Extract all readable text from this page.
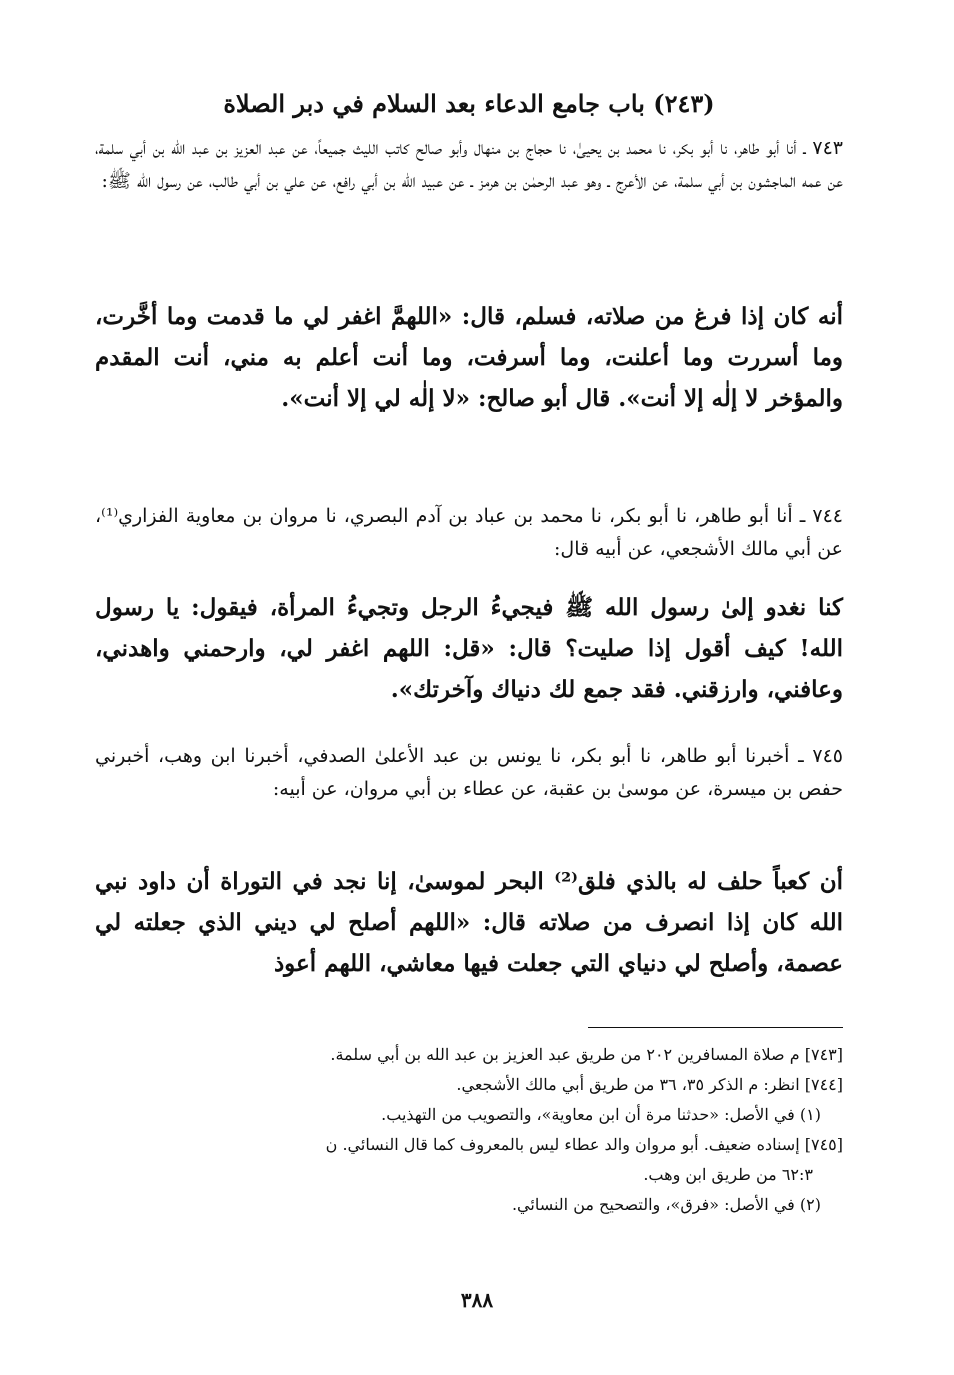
(٢٤٣) باب جامع الدعاء بعد السلام في دبر الصلاة
٧٤٣ ـ أنا أبو طاهر، نا أبو بكر، نا محمد بن يحيىٰ، نا حجاج بن منهال وأبو صالح كاتب الليث جميعاً، عن عبد العزيز بن عبد الله بن أبي سلمة، عن عمه الماجشون بن أبي سلمة، عن الأعرج ـ وهو عبد الرحمٰن بن هرمز ـ عن عبيد الله بن أبي رافع، عن علي بن أبي طالب، عن رسول الله ﷺ:
أنه كان إذا فرغ من صلاته، فسلم، قال: «اللهمَّ اغفر لي ما قدمت وما أخَّرت، وما أسررت وما أعلنت، وما أسرفت، وما أنت أعلم به مني، أنت المقدم والمؤخر لا إلٰه إلا أنت». قال أبو صالح: «لا إلٰه لي إلا أنت».
٧٤٤ ـ أنا أبو طاهر، نا أبو بكر، نا محمد بن عباد بن آدم البصري، نا مروان بن معاوية الفزاري⁽¹⁾، عن أبي مالك الأشجعي، عن أبيه قال:
كنا نغدو إلىٰ رسول الله ﷺ فيجيءُ الرجل وتجيءُ المرأة، فيقول: يا رسول الله! كيف أقول إذا صليت؟ قال: «قل: اللهم اغفر لي، وارحمني واهدني، وعافني، وارزقني. فقد جمع لك دنياك وآخرتك».
٧٤٥ ـ أخبرنا أبو طاهر، نا أبو بكر، نا يونس بن عبد الأعلىٰ الصدفي، أخبرنا ابن وهب، أخبرني حفص بن ميسرة، عن موسىٰ بن عقبة، عن عطاء بن أبي مروان، عن أبيه:
أن كعباً حلف له بالذي فلق⁽²⁾ البحر لموسىٰ، إنا نجد في التوراة أن داود نبي الله كان إذا انصرف من صلاته قال: «اللهم أصلح لي ديني الذي جعلته لي عصمة، وأصلح لي دنياي التي جعلت فيها معاشي، اللهم أعوذ
[٧٤٣] م صلاة المسافرين ٢٠٢ من طريق عبد العزيز بن عبد الله بن أبي سلمة.
[٧٤٤] انظر: م الذكر ٣٥، ٣٦ من طريق أبي مالك الأشجعي.
(١) في الأصل: «حدثنا مرة أن ابن معاوية»، والتصويب من التهذيب.
[٧٤٥] إسناده ضعيف. أبو مروان والد عطاء ليس بالمعروف كما قال النسائي. ن
٦٢:٣ من طريق ابن وهب.
(٢) في الأصل: «فرق»، والتصحيح من النسائي.
٣٨٨
